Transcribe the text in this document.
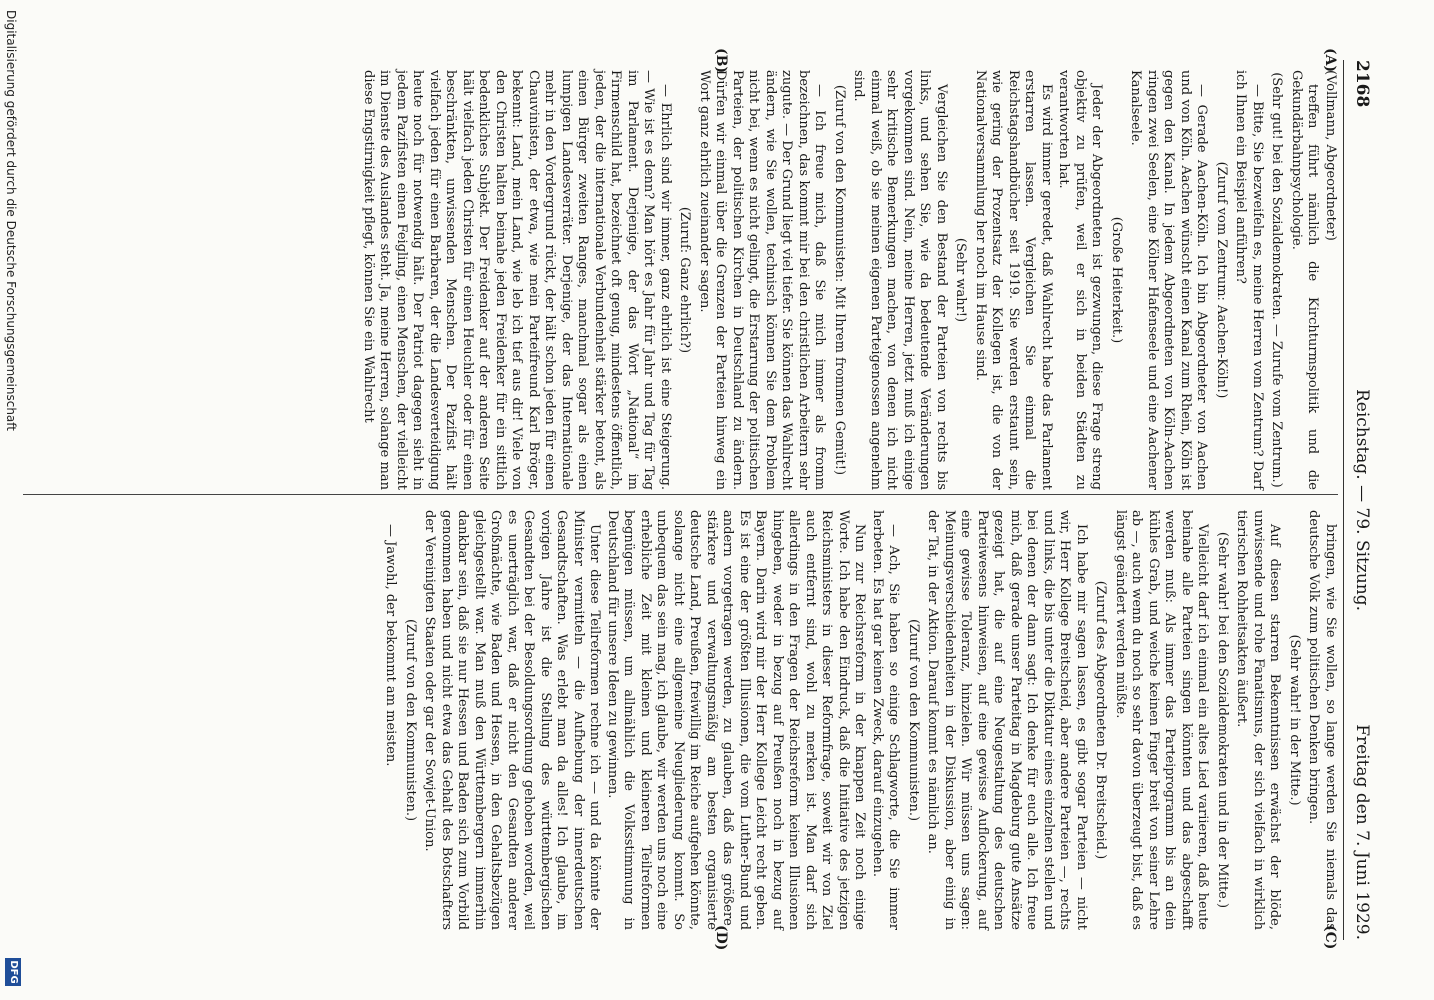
2168
Reichstag. — 79. Sitzung.
Freitag den 7. Juni 1929.
(A)
(B)
(C)
(D)

(Vollmann, Abgeordneter)

treffen führt nämlich die Kirchturmspolitik und die Gekundärbahnpsychologie.

(Sehr gut! bei den Sozialdemokraten. — Zurufe vom Zentrum.)

— Bitte, Sie bezweifeln es, meine Herren vom Zentrum? Darf ich Ihnen ein Beispiel anführen?

(Zuruf vom Zentrum: Aachen-Köln!)

— Gerade Aachen-Köln. Ich bin Abgeordneter von Aachen und von Köln. Aachen wünscht einen Kanal zum Rhein, Köln ist gegen den Kanal. In jedem Abgeordneten von Köln-Aachen ringen zwei Seelen, eine Kölner Hafenseele und eine Aachener Kanalseele.

(Große Heiterkeit.)

Jeder der Abgeordneten ist gezwungen, diese Frage streng objektiv zu prüfen, weil er sich in beiden Städten zu verantworten hat.

Es wird immer geredet, daß Wahlrecht habe das Parlament erstarren lassen. Vergleichen Sie einmal die Reichstagshandbücher seit 1919. Sie werden erstaunt sein, wie gering der Prozentsatz der Kollegen ist, die von der Nationalversammlung her noch im Hause sind.

(Sehr wahr!)

Vergleichen Sie den Bestand der Parteien von rechts bis links, und sehen Sie, wie da bedeutende Veränderungen vorgekommen sind. Nein, meine Herren, jetzt muß ich einige sehr kritische Bemerkungen machen, von denen ich nicht einmal weiß, ob sie meinen eigenen Parteigenossen angenehm sind.

(Zuruf von den Kommunisten: Mit Ihrem frommen Gemüt!)

— Ich freue mich, daß Sie mich immer als fromm bezeichnen, das kommt mir bei den christlichen Arbeitern sehr zugute. — Der Grund liegt viel tiefer. Sie können das Wahlrecht ändern, wie Sie wollen, technisch können Sie dem Problem nicht bei, wenn es nicht gelingt, die Erstarrung der politischen Parteien, der politischen Kirchen in Deutschland zu ändern. Dürfen wir einmal über die Grenzen der Parteien hinweg ein Wort ganz ehrlich zueinander sagen.

(Zuruf: Ganz ehrlich?)

— Ehrlich sind wir immer, ganz ehrlich ist eine Steigerung. — Wie ist es denn? Man hört es Jahr für Jahr und Tag für Tag im Parlament. Derjenige, der das Wort „National“ im Firmenschild hat, bezeichnet oft genug, mindestens öffentlich, jeden, der die internationale Verbundenheit stärker betont, als einen Bürger zweiten Ranges, manchmal sogar als einen lumpigen Landesverräter. Derjenige, der das Internationale mehr in den Vordergrund rückt, der hält schon jeden für einen Chauvinisten, der etwa, wie mein Parteifreund Karl Bröger, bekennt: Land, mein Land, wie leb ich tief aus dir! Viele von den Christen halten beinahe jeden Freidenker für ein sittlich bedenkliches Subjekt. Der Freidenker auf der anderen Seite hält vielfach jeden Christen für einen Heuchler oder für einen beschränkten, unwissenden Menschen. Der Pazifist hält vielfach jeden für einen Barbaren, der die Landesverteidigung heute noch für notwendig hält. Der Patriot dagegen sieht in jedem Pazifisten einen Feigling, einen Menschen, der vielleicht im Dienste des Auslandes steht. Ja, meine Herren, solange man diese Engstirnigkeit pflegt, können Sie ein Wahlrecht

bringen, wie Sie wollen, so lange werden Sie niemals das deutsche Volk zum politischen Denken bringen.

(Sehr wahr! in der Mitte.)

Auf diesen starren Bekenntnissen erwächst der blöde, unwissende und rohe Fanatismus, der sich vielfach in wirklich tierischen Rohheitsakten äußert.

(Sehr wahr! bei den Sozialdemokraten und in der Mitte.)

Vielleicht darf ich einmal ein altes Lied variieren, daß heute beinahe alle Parteien singen könnten und das abgeschafft werden muß: Als immer das Parteiprogramm bis an dein kühles Grab, und weiche keinen Finger breit von seiner Lehre ab —, auch wenn du noch so sehr davon überzeugt bist, daß es längst geändert werden müßte.

(Zuruf des Abgeordneten Dr. Breitscheid.)

Ich habe mir sagen lassen, es gibt sogar Parteien — nicht wir, Herr Kollege Breitscheid, aber andere Parteien —, rechts und links, die bis unter die Diktatur eines einzelnen stellen und bei denen der dann sagt: Ich denke für euch alle. Ich freue mich, daß gerade unser Parteitag in Magdeburg gute Ansätze gezeigt hat, die auf eine Neugestaltung des deutschen Parteiwesens hinweisen, auf eine gewisse Auflockerung, auf eine gewisse Toleranz, hinzielen. Wir müssen uns sagen: Meinungsverschiedenheiten in der Diskussion, aber einig in der Tat, in der Aktion. Darauf kommt es nämlich an.

(Zuruf von den Kommunisten.)

— Ach, Sie haben so einige Schlagworte, die Sie immer herbeten. Es hat gar keinen Zweck, darauf einzugehen.

Nun zur Reichsreform in der knappen Zeit noch einige Worte. Ich habe den Eindruck, daß die Initiative des jetzigen Reichsministers in dieser Reformfrage, soweit wir von Ziel auch entfernt sind, wohl zu merken ist. Man darf sich allerdings in den Fragen der Reichsreform keinen Illusionen hingeben, weder in bezug auf Preußen noch in bezug auf Bayern. Darin wird mir der Herr Kollege Leicht recht geben. Es ist eine der größten Illusionen, die vom Luther-Bund und andern vorgetragen werden, zu glauben, daß das größere, stärkere und verwaltungsmäßig am besten organisierte deutsche Land, Preußen, freiwillig im Reiche aufgehen könnte, solange nicht eine allgemeine Neugliederung kommt. So unbequem das sein mag, ich glaube, wir werden uns noch eine erhebliche Zeit mit kleinen und kleineren Teilreformen begnügen müssen, um allmählich die Volksstimmung in Deutschland für unsere Ideen zu gewinnen.

Unter diese Teilreformen rechne ich — und da könnte der Minister vermitteln — die Aufhebung der innerdeutschen Gesandtschaften. Was erlebt man da alles! Ich glaube, im vorigen Jahre ist die Stellung des württembergischen Gesandten bei der Besoldungsordnung gehoben worden, weil es unerträglich war, daß er nicht den Gesandten anderer Großmächte, wie Baden und Hessen, in den Gehaltsbezügen gleichgestellt war. Man muß den Württembergern immerhin dankbar sein, daß sie nur Hessen und Baden sich zum Vorbild genommen haben und nicht etwa das Gehalt des Botschafters der Vereinigten Staaten oder gar der Sowjet-Union.

(Zuruf von den Kommunisten.)

— Jawohl, der bekommt am meisten.

Digitalisierung gefördert durch die Deutsche Forschungsgemeinschaft
DFG
